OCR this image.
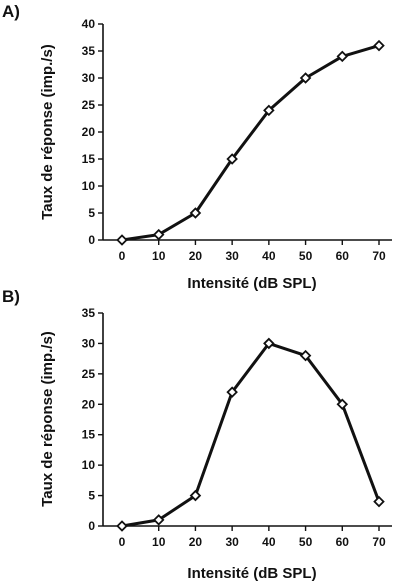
A)
Taux de réponse (imp./s)
Intensité (dB SPL)
0
5
10
15
20
25
30
35
40
0 10 20 30 40 50 60 70
B)
Taux de réponse (imp./s)
Intensité (dB SPL)
0
5
10
15
20
25
30
35
0 10 20 30 40 50 60 70
